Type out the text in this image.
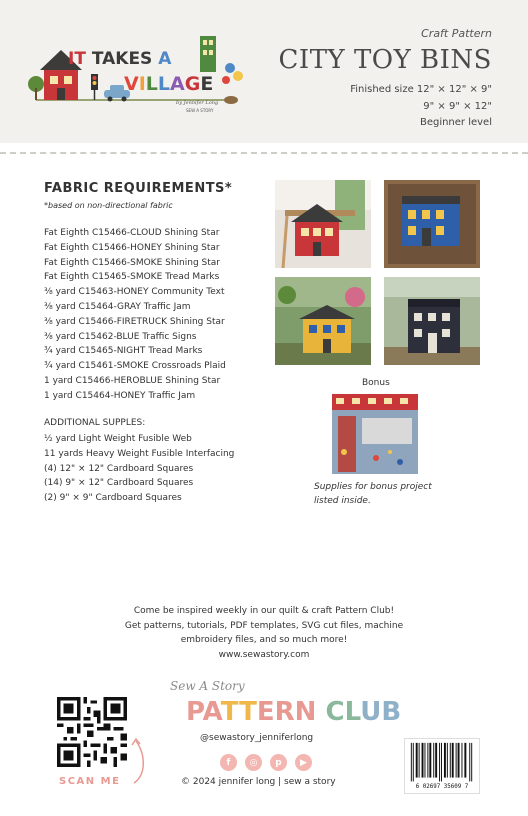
IT TAKES A
VILLAGE
by Jennifer Long
SEW A STORY
Craft Pattern
CITY TOY BINS
Finished size 12" × 12" × 9"
9" × 9" × 12"
Beginner level
FABRIC REQUIREMENTS*
*based on non-directional fabric
Fat Eighth C15466-CLOUD Shining Star
Fat Eighth C15466-HONEY Shining Star
Fat Eighth C15466-SMOKE Shining Star
Fat Eighth C15465-SMOKE Tread Marks
⅜ yard C15463-HONEY Community Text
⅜ yard C15464-GRAY Traffic Jam
⅜ yard C15466-FIRETRUCK Shining Star
⅜ yard C15462-BLUE Traffic Signs
¾ yard C15465-NIGHT Tread Marks
¾ yard C15461-SMOKE Crossroads Plaid
1 yard C15466-HEROBLUE Shining Star
1 yard C15464-HONEY Traffic Jam
ADDITIONAL SUPPLES:
½ yard Light Weight Fusible Web
11 yards Heavy Weight Fusible Interfacing
(4) 12" × 12" Cardboard Squares
(14) 9" × 12" Cardboard Squares
(2) 9" × 9" Cardboard Squares
Bonus
Supplies for bonus project listed inside.
Come be inspired weekly in our quilt & craft Pattern Club!
Get patterns, tutorials, PDF templates, SVG cut files, machine
embroidery files, and so much more!
www.sewastory.com
Sew A Story
PATTERN CLUB
@sewastory_jenniferlong
f	◎	p	▶
© 2024 jennifer long | sew a story
SCAN ME
6 02697 35609 7
